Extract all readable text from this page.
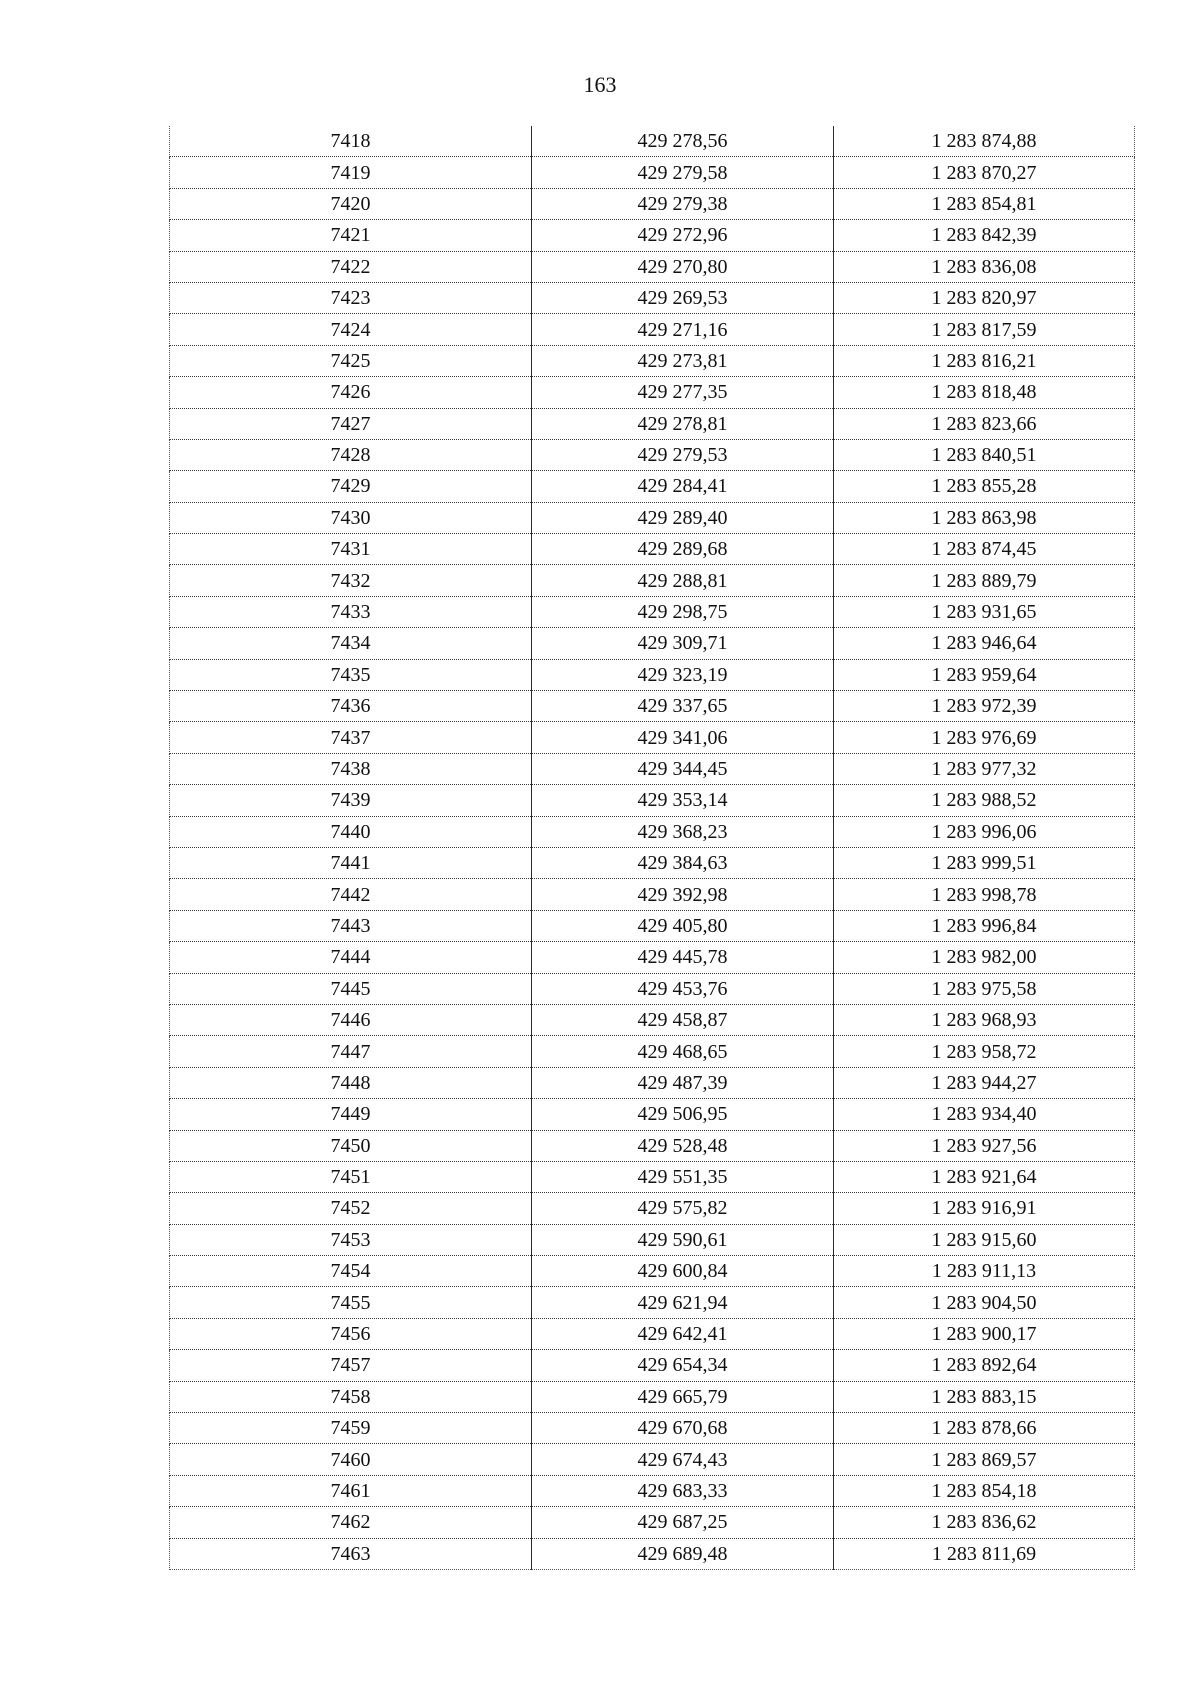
163
7418	429 278,56	1 283 874,88
7419	429 279,58	1 283 870,27
7420	429 279,38	1 283 854,81
7421	429 272,96	1 283 842,39
7422	429 270,80	1 283 836,08
7423	429 269,53	1 283 820,97
7424	429 271,16	1 283 817,59
7425	429 273,81	1 283 816,21
7426	429 277,35	1 283 818,48
7427	429 278,81	1 283 823,66
7428	429 279,53	1 283 840,51
7429	429 284,41	1 283 855,28
7430	429 289,40	1 283 863,98
7431	429 289,68	1 283 874,45
7432	429 288,81	1 283 889,79
7433	429 298,75	1 283 931,65
7434	429 309,71	1 283 946,64
7435	429 323,19	1 283 959,64
7436	429 337,65	1 283 972,39
7437	429 341,06	1 283 976,69
7438	429 344,45	1 283 977,32
7439	429 353,14	1 283 988,52
7440	429 368,23	1 283 996,06
7441	429 384,63	1 283 999,51
7442	429 392,98	1 283 998,78
7443	429 405,80	1 283 996,84
7444	429 445,78	1 283 982,00
7445	429 453,76	1 283 975,58
7446	429 458,87	1 283 968,93
7447	429 468,65	1 283 958,72
7448	429 487,39	1 283 944,27
7449	429 506,95	1 283 934,40
7450	429 528,48	1 283 927,56
7451	429 551,35	1 283 921,64
7452	429 575,82	1 283 916,91
7453	429 590,61	1 283 915,60
7454	429 600,84	1 283 911,13
7455	429 621,94	1 283 904,50
7456	429 642,41	1 283 900,17
7457	429 654,34	1 283 892,64
7458	429 665,79	1 283 883,15
7459	429 670,68	1 283 878,66
7460	429 674,43	1 283 869,57
7461	429 683,33	1 283 854,18
7462	429 687,25	1 283 836,62
7463	429 689,48	1 283 811,69
